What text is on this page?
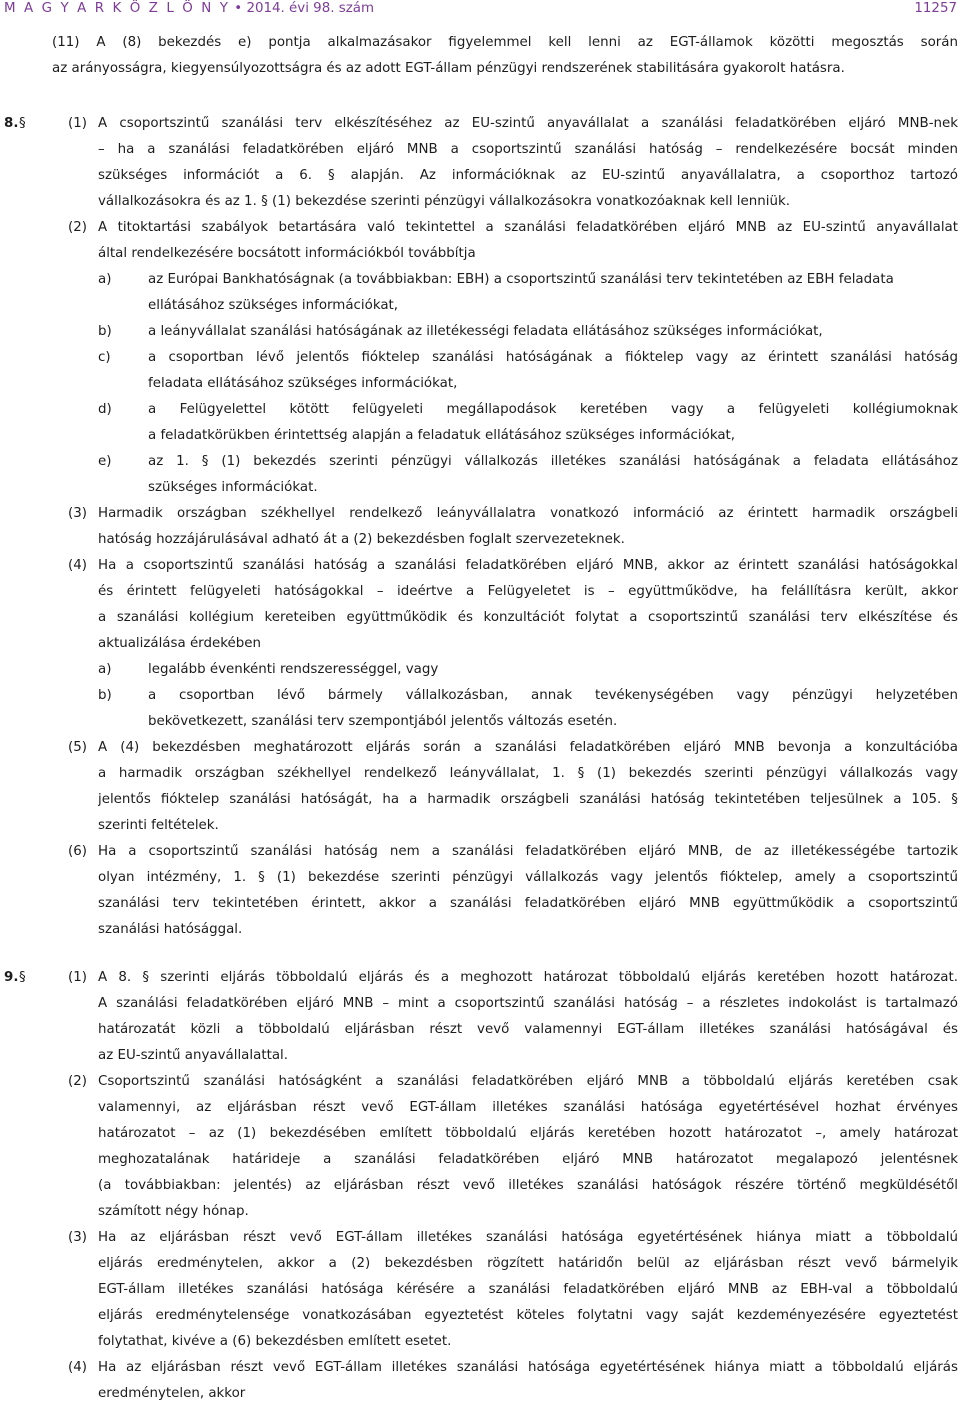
M A G Y A R K Ö Z L Ö N Y • 2014. évi 98. szám	11257
(11) A (8) bekezdés e) pontja alkalmazásakor figyelemmel kell lenni az EGT-államok közötti megosztás során
az arányosságra, kiegyensúlyozottságra és az adott EGT-állam pénzügyi rendszerének stabilitására gyakorolt hatásra.
8. §	(1) A csoportszintű szanálási terv elkészítéséhez az EU-szintű anyavállalat a szanálási feladatkörében eljáró MNB-nek
– ha a szanálási feladatkörében eljáró MNB a csoportszintű szanálási hatóság – rendelkezésére bocsát minden
szükséges információt a 6. § alapján. Az információknak az EU-szintű anyavállalatra, a csoporthoz tartozó
vállalkozásokra és az 1. § (1) bekezdése szerinti pénzügyi vállalkozásokra vonatkozóaknak kell lenniük.
(2) A titoktartási szabályok betartására való tekintettel a szanálási feladatkörében eljáró MNB az EU-szintű anyavállalat
által rendelkezésére bocsátott információkból továbbítja
a)	az Európai Bankhatóságnak (a továbbiakban: EBH) a csoportszintű szanálási terv tekintetében az EBH feladata
ellátásához szükséges információkat,
b)	a leányvállalat szanálási hatóságának az illetékességi feladata ellátásához szükséges információkat,
c)	a csoportban lévő jelentős fióktelep szanálási hatóságának a fióktelep vagy az érintett szanálási hatóság
feladata ellátásához szükséges információkat,
d)	a Felügyelettel kötött felügyeleti megállapodások keretében vagy a felügyeleti kollégiumoknak
a feladatkörükben érintettség alapján a feladatuk ellátásához szükséges információkat,
e)	az 1. § (1) bekezdés szerinti pénzügyi vállalkozás illetékes szanálási hatóságának a feladata ellátásához
szükséges információkat.
(3) Harmadik országban székhellyel rendelkező leányvállalatra vonatkozó információ az érintett harmadik országbeli
hatóság hozzájárulásával adható át a (2) bekezdésben foglalt szervezeteknek.
(4) Ha a csoportszintű szanálási hatóság a szanálási feladatkörében eljáró MNB, akkor az érintett szanálási hatóságokkal
és érintett felügyeleti hatóságokkal – ideértve a Felügyeletet is – együttműködve, ha felállításra került, akkor
a szanálási kollégium kereteiben együttműködik és konzultációt folytat a csoportszintű szanálási terv elkészítése és
aktualizálása érdekében
a)	legalább évenkénti rendszerességgel, vagy
b)	a csoportban lévő bármely vállalkozásban, annak tevékenységében vagy pénzügyi helyzetében
bekövetkezett, szanálási terv szempontjából jelentős változás esetén.
(5) A (4) bekezdésben meghatározott eljárás során a szanálási feladatkörében eljáró MNB bevonja a konzultációba
a harmadik országban székhellyel rendelkező leányvállalat, 1. § (1) bekezdés szerinti pénzügyi vállalkozás vagy
jelentős fióktelep szanálási hatóságát, ha a harmadik országbeli szanálási hatóság tekintetében teljesülnek a 105. §
szerinti feltételek.
(6) Ha a csoportszintű szanálási hatóság nem a szanálási feladatkörében eljáró MNB, de az illetékességébe tartozik
olyan intézmény, 1. § (1) bekezdése szerinti pénzügyi vállalkozás vagy jelentős fióktelep, amely a csoportszintű
szanálási terv tekintetében érintett, akkor a szanálási feladatkörében eljáró MNB együttműködik a csoportszintű
szanálási hatósággal.
9. §	(1) A 8. § szerinti eljárás többoldalú eljárás és a meghozott határozat többoldalú eljárás keretében hozott határozat.
A szanálási feladatkörében eljáró MNB – mint a csoportszintű szanálási hatóság – a részletes indokolást is tartalmazó
határozatát közli a többoldalú eljárásban részt vevő valamennyi EGT-állam illetékes szanálási hatóságával és
az EU-szintű anyavállalattal.
(2) Csoportszintű szanálási hatóságként a szanálási feladatkörében eljáró MNB a többoldalú eljárás keretében csak
valamennyi, az eljárásban részt vevő EGT-állam illetékes szanálási hatósága egyetértésével hozhat érvényes
határozatot – az (1) bekezdésében említett többoldalú eljárás keretében hozott határozatot –, amely határozat
meghozatalának határideje a szanálási feladatkörében eljáró MNB határozatot megalapozó jelentésnek
(a továbbiakban: jelentés) az eljárásban részt vevő illetékes szanálási hatóságok részére történő megküldésétől
számított négy hónap.
(3) Ha az eljárásban részt vevő EGT-állam illetékes szanálási hatósága egyetértésének hiánya miatt a többoldalú
eljárás eredménytelen, akkor a (2) bekezdésben rögzített határidőn belül az eljárásban részt vevő bármelyik
EGT-állam illetékes szanálási hatósága kérésére a szanálási feladatkörében eljáró MNB az EBH-val a többoldalú
eljárás eredménytelensége vonatkozásában egyeztetést köteles folytatni vagy saját kezdeményezésére egyeztetést
folytathat, kivéve a (6) bekezdésben említett esetet.
(4) Ha az eljárásban részt vevő EGT-állam illetékes szanálási hatósága egyetértésének hiánya miatt a többoldalú eljárás
eredménytelen, akkor
